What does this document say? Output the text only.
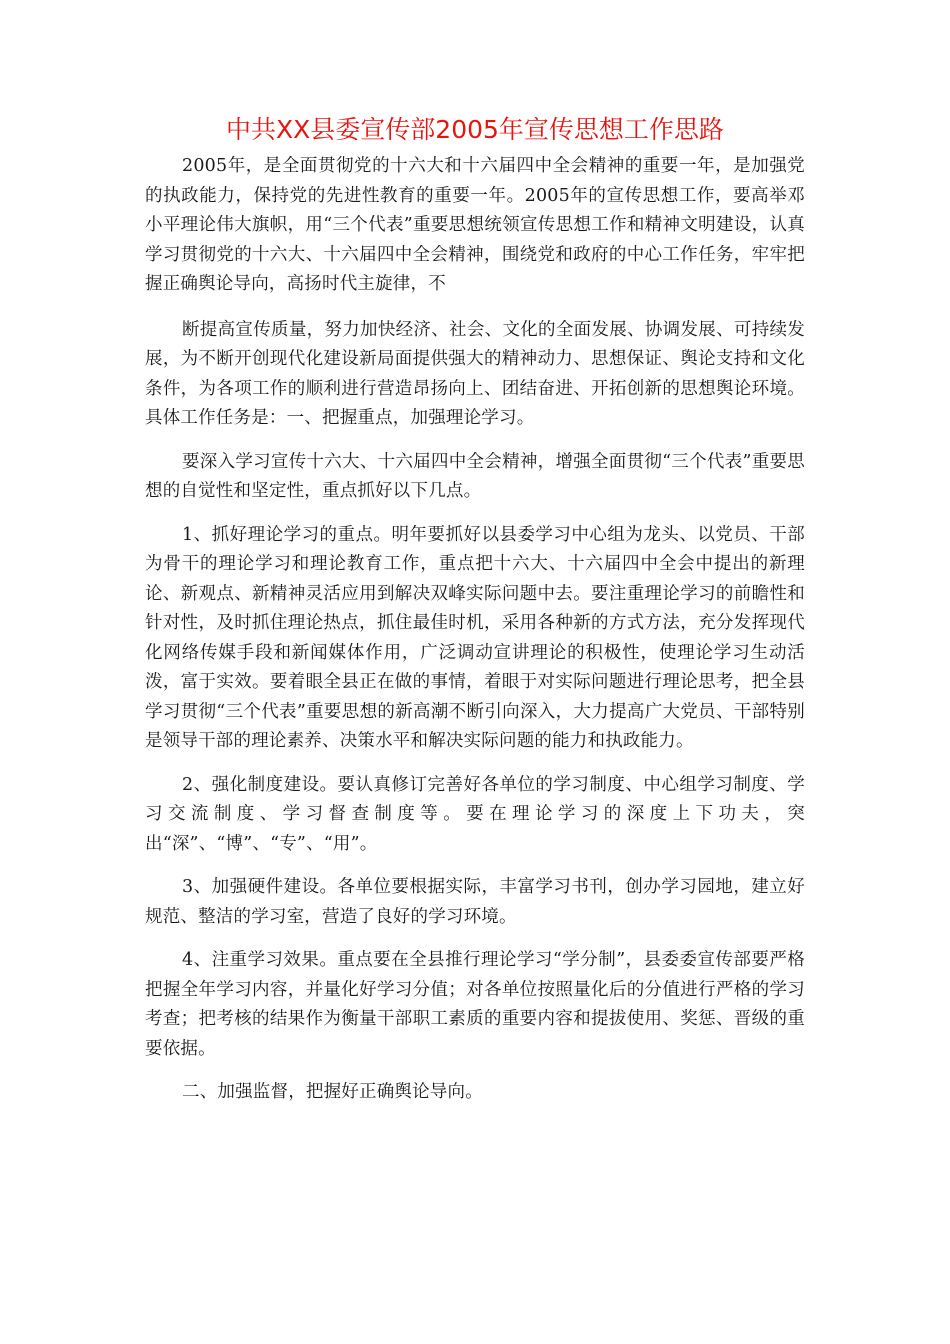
中共XX县委宣传部2005年宣传思想工作思路

2005年，是全面贯彻党的十六大和十六届四中全会精神的重要一年，是加强党的执政能力，保持党的先进性教育的重要一年。2005年的宣传思想工作，要高举邓小平理论伟大旗帜，用“三个代表”重要思想统领宣传思想工作和精神文明建设，认真学习贯彻党的十六大、十六届四中全会精神，围绕党和政府的中心工作任务，牢牢把握正确舆论导向，高扬时代主旋律，不

断提高宣传质量，努力加快经济、社会、文化的全面发展、协调发展、可持续发展，为不断开创现代化建设新局面提供强大的精神动力、思想保证、舆论支持和文化条件，为各项工作的顺利进行营造昂扬向上、团结奋进、开拓创新的思想舆论环境。具体工作任务是：一、把握重点，加强理论学习。

要深入学习宣传十六大、十六届四中全会精神，增强全面贯彻“三个代表”重要思想的自觉性和坚定性，重点抓好以下几点。

1、抓好理论学习的重点。明年要抓好以县委学习中心组为龙头、以党员、干部为骨干的理论学习和理论教育工作，重点把十六大、十六届四中全会中提出的新理论、新观点、新精神灵活应用到解决双峰实际问题中去。要注重理论学习的前瞻性和针对性，及时抓住理论热点，抓住最佳时机，采用各种新的方式方法，充分发挥现代化网络传媒手段和新闻媒体作用，广泛调动宣讲理论的积极性，使理论学习生动活泼，富于实效。要着眼全县正在做的事情，着眼于对实际问题进行理论思考，把全县学习贯彻“三个代表”重要思想的新高潮不断引向深入，大力提高广大党员、干部特别是领导干部的理论素养、决策水平和解决实际问题的能力和执政能力。

2、强化制度建设。要认真修订完善好各单位的学习制度、中心组学习制度、学习交流制度、学习督查制度等。要在理论学习的深度上下功夫，突出“深”、“博”、“专”、“用”。

3、加强硬件建设。各单位要根据实际，丰富学习书刊，创办学习园地，建立好规范、整洁的学习室，营造了良好的学习环境。

4、注重学习效果。重点要在全县推行理论学习“学分制”，县委委宣传部要严格把握全年学习内容，并量化好学习分值；对各单位按照量化后的分值进行严格的学习考查；把考核的结果作为衡量干部职工素质的重要内容和提拔使用、奖惩、晋级的重要依据。

二、加强监督，把握好正确舆论导向。
